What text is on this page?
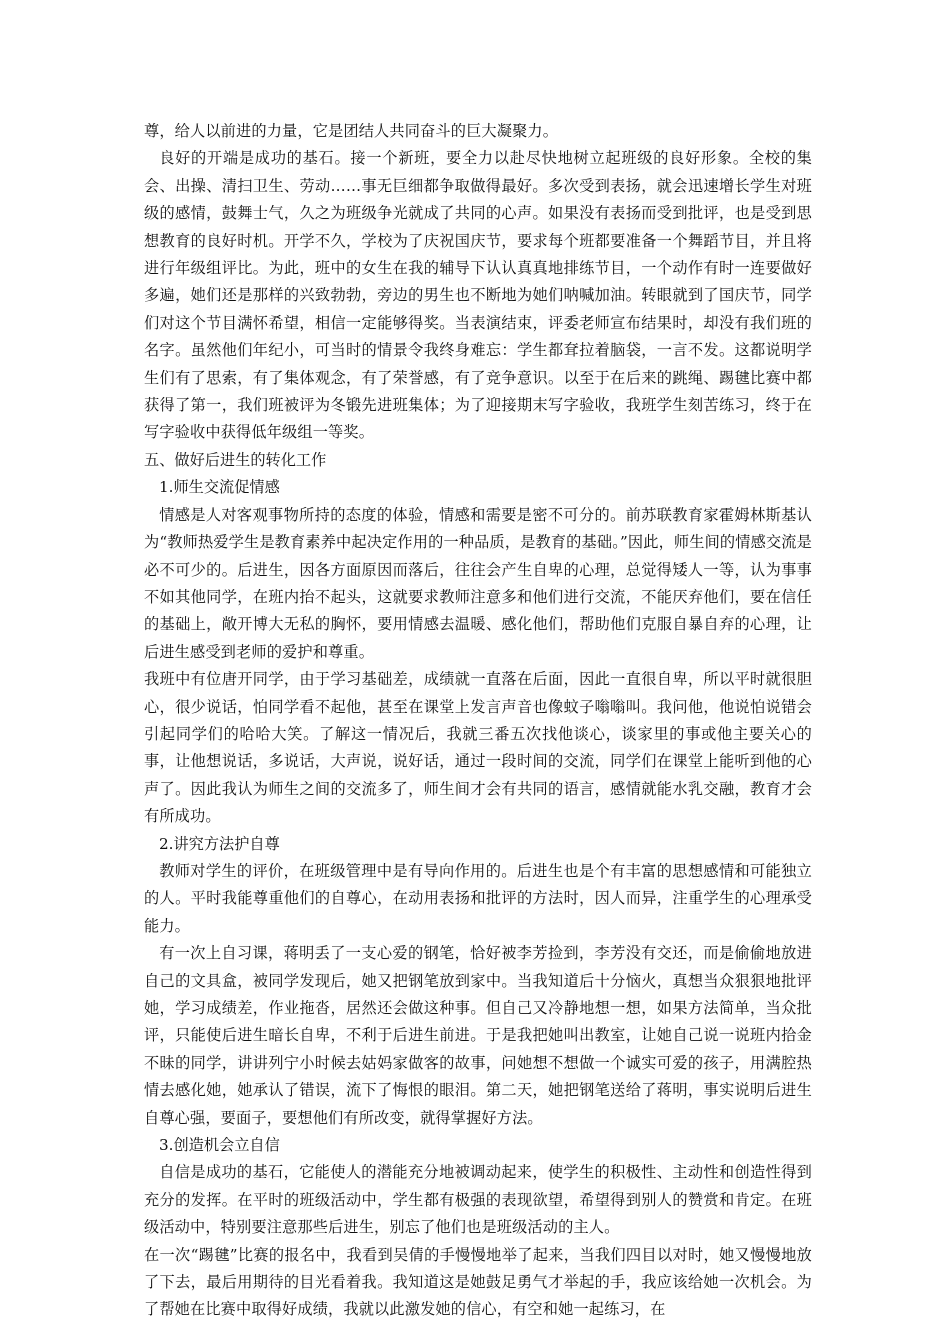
尊，给人以前进的力量，它是团结人共同奋斗的巨大凝聚力。

良好的开端是成功的基石。接一个新班，要全力以赴尽快地树立起班级的良好形象。全校的集会、出操、清扫卫生、劳动……事无巨细都争取做得最好。多次受到表扬，就会迅速增长学生对班级的感情，鼓舞士气，久之为班级争光就成了共同的心声。如果没有表扬而受到批评，也是受到思想教育的良好时机。开学不久，学校为了庆祝国庆节，要求每个班都要准备一个舞蹈节目，并且将进行年级组评比。为此，班中的女生在我的辅导下认认真真地排练节目，一个动作有时一连要做好多遍，她们还是那样的兴致勃勃，旁边的男生也不断地为她们呐喊加油。转眼就到了国庆节，同学们对这个节目满怀希望，相信一定能够得奖。当表演结束，评委老师宣布结果时，却没有我们班的名字。虽然他们年纪小，可当时的情景令我终身难忘：学生都耷拉着脑袋，一言不发。这都说明学生们有了思索，有了集体观念，有了荣誉感，有了竞争意识。以至于在后来的跳绳、踢毽比赛中都获得了第一，我们班被评为冬锻先进班集体；为了迎接期末写字验收，我班学生刻苦练习，终于在写字验收中获得低年级组一等奖。

五、做好后进生的转化工作

1.师生交流促情感

情感是人对客观事物所持的态度的体验，情感和需要是密不可分的。前苏联教育家霍姆林斯基认为“教师热爱学生是教育素养中起决定作用的一种品质，是教育的基础。”因此，师生间的情感交流是必不可少的。后进生，因各方面原因而落后，往往会产生自卑的心理，总觉得矮人一等，认为事事不如其他同学，在班内抬不起头，这就要求教师注意多和他们进行交流，不能厌弃他们，要在信任的基础上，敞开博大无私的胸怀，要用情感去温暖、感化他们，帮助他们克服自暴自弃的心理，让后进生感受到老师的爱护和尊重。

我班中有位唐开同学，由于学习基础差，成绩就一直落在后面，因此一直很自卑，所以平时就很胆心，很少说话，怕同学看不起他，甚至在课堂上发言声音也像蚊子嗡嗡叫。我问他，他说怕说错会引起同学们的哈哈大笑。了解这一情况后，我就三番五次找他谈心，谈家里的事或他主要关心的事，让他想说话，多说话，大声说，说好话，通过一段时间的交流，同学们在课堂上能听到他的心声了。因此我认为师生之间的交流多了，师生间才会有共同的语言，感情就能水乳交融，教育才会有所成功。

2.讲究方法护自尊

教师对学生的评价，在班级管理中是有导向作用的。后进生也是个有丰富的思想感情和可能独立的人。平时我能尊重他们的自尊心，在动用表扬和批评的方法时，因人而异，注重学生的心理承受能力。

有一次上自习课，蒋明丢了一支心爱的钢笔，恰好被李芳捡到，李芳没有交还，而是偷偷地放进自己的文具盒，被同学发现后，她又把钢笔放到家中。当我知道后十分恼火，真想当众狠狠地批评她，学习成绩差，作业拖沓，居然还会做这种事。但自己又冷静地想一想，如果方法简单，当众批评，只能使后进生暗长自卑，不利于后进生前进。于是我把她叫出教室，让她自己说一说班内拾金不昧的同学，讲讲列宁小时候去姑妈家做客的故事，问她想不想做一个诚实可爱的孩子，用满腔热情去感化她，她承认了错误，流下了悔恨的眼泪。第二天，她把钢笔送给了蒋明，事实说明后进生自尊心强，要面子，要想他们有所改变，就得掌握好方法。

3.创造机会立自信

自信是成功的基石，它能使人的潜能充分地被调动起来，使学生的积极性、主动性和创造性得到充分的发挥。在平时的班级活动中，学生都有极强的表现欲望，希望得到别人的赞赏和肯定。在班级活动中，特别要注意那些后进生，别忘了他们也是班级活动的主人。

在一次“踢毽”比赛的报名中，我看到吴倩的手慢慢地举了起来，当我们四目以对时，她又慢慢地放了下去，最后用期待的目光看着我。我知道这是她鼓足勇气才举起的手，我应该给她一次机会。为了帮她在比赛中取得好成绩，我就以此激发她的信心，有空和她一起练习，在
